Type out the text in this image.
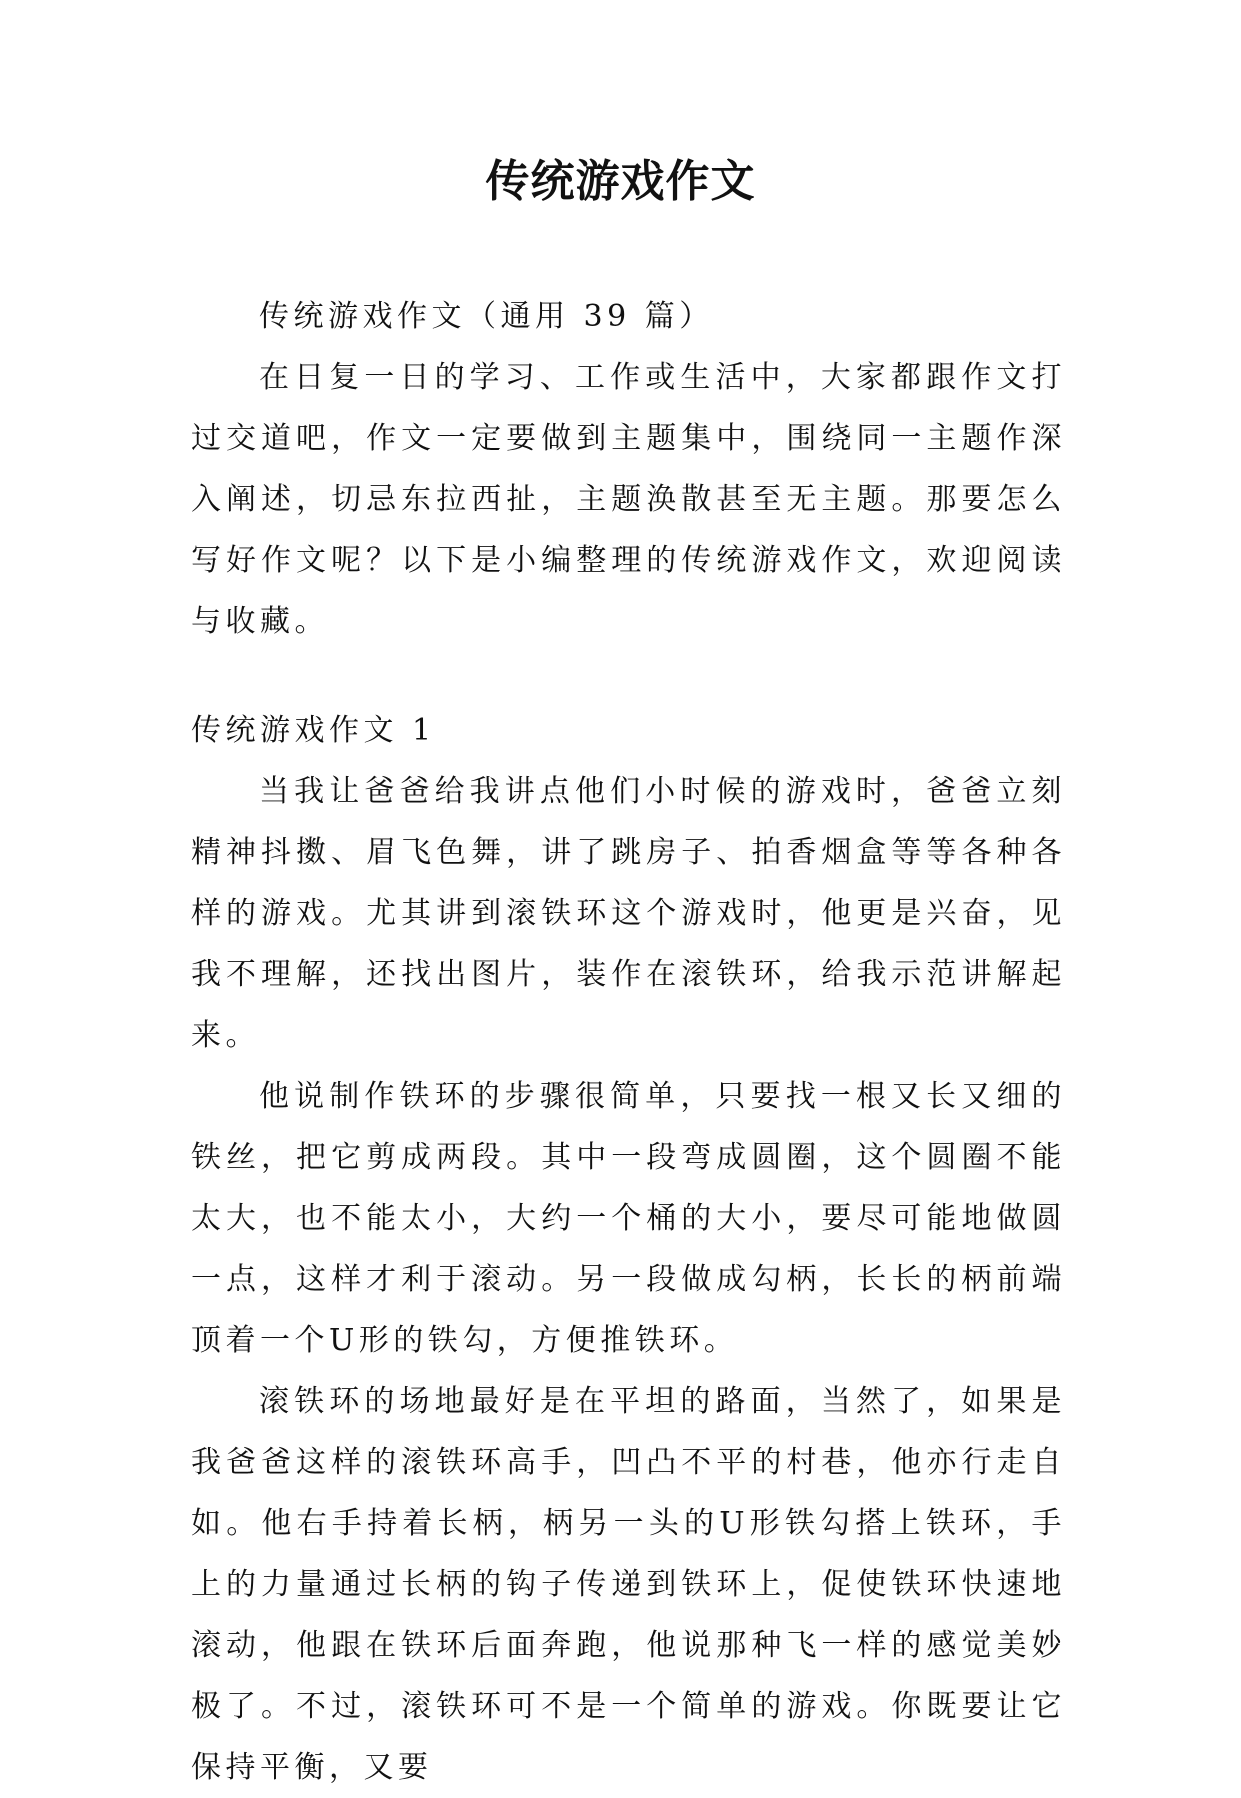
传统游戏作文

传统游戏作文（通用 39 篇）

在日复一日的学习、工作或生活中，大家都跟作文打过交道吧，作文一定要做到主题集中，围绕同一主题作深入阐述，切忌东拉西扯，主题涣散甚至无主题。那要怎么写好作文呢？以下是小编整理的传统游戏作文，欢迎阅读与收藏。

传统游戏作文 1

当我让爸爸给我讲点他们小时候的游戏时，爸爸立刻精神抖擞、眉飞色舞，讲了跳房子、拍香烟盒等等各种各样的游戏。尤其讲到滚铁环这个游戏时，他更是兴奋，见我不理解，还找出图片，装作在滚铁环，给我示范讲解起来。

他说制作铁环的步骤很简单，只要找一根又长又细的铁丝，把它剪成两段。其中一段弯成圆圈，这个圆圈不能太大，也不能太小，大约一个桶的大小，要尽可能地做圆一点，这样才利于滚动。另一段做成勾柄，长长的柄前端顶着一个U形的铁勾，方便推铁环。

滚铁环的场地最好是在平坦的路面，当然了，如果是我爸爸这样的滚铁环高手，凹凸不平的村巷，他亦行走自如。他右手持着长柄，柄另一头的U形铁勾搭上铁环，手上的力量通过长柄的钩子传递到铁环上，促使铁环快速地滚动，他跟在铁环后面奔跑，他说那种飞一样的感觉美妙极了。不过，滚铁环可不是一个简单的游戏。你既要让它保持平衡，又要
